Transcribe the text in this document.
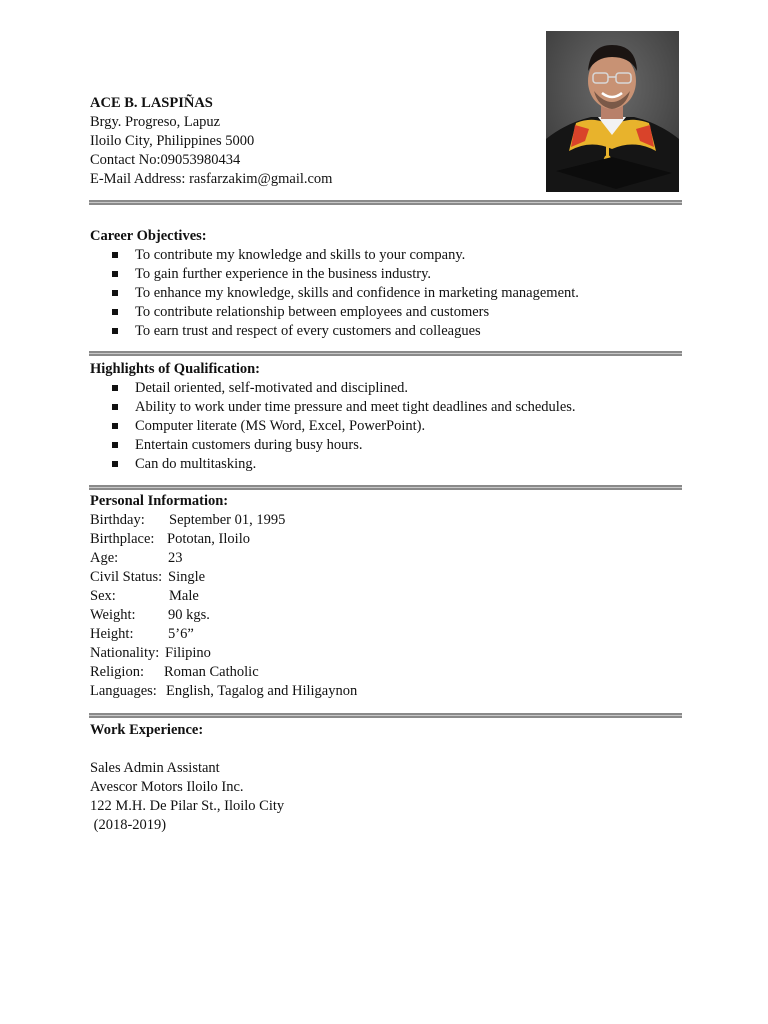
ACE B. LASPIÑAS
Brgy. Progreso, Lapuz
Iloilo City, Philippines 5000
Contact No:09053980434
E-Mail Address: rasfarzakim@gmail.com
Career Objectives:
To contribute my knowledge and skills to your company.
To gain further experience in the business industry.
To enhance my knowledge, skills and confidence in marketing management.
To contribute relationship between employees and customers
To earn trust and respect of every customers and colleagues
Highlights of Qualification:
Detail oriented, self-motivated and disciplined.
Ability to work under time pressure and meet tight deadlines and schedules.
Computer literate (MS Word, Excel, PowerPoint).
Entertain customers during busy hours.
Can do multitasking.
Personal Information:
Birthday:	September 01, 1995
Birthplace: Pototan, Iloilo
Age:	23
Civil Status: Single
Sex:	Male
Weight:	90 kgs.
Height:	5’6”
Nationality: Filipino
Religion:	Roman Catholic
Languages: English, Tagalog and Hiligaynon
Work Experience:
Sales Admin Assistant
Avescor Motors Iloilo Inc.
122 M.H. De Pilar St., Iloilo City
(2018-2019)
